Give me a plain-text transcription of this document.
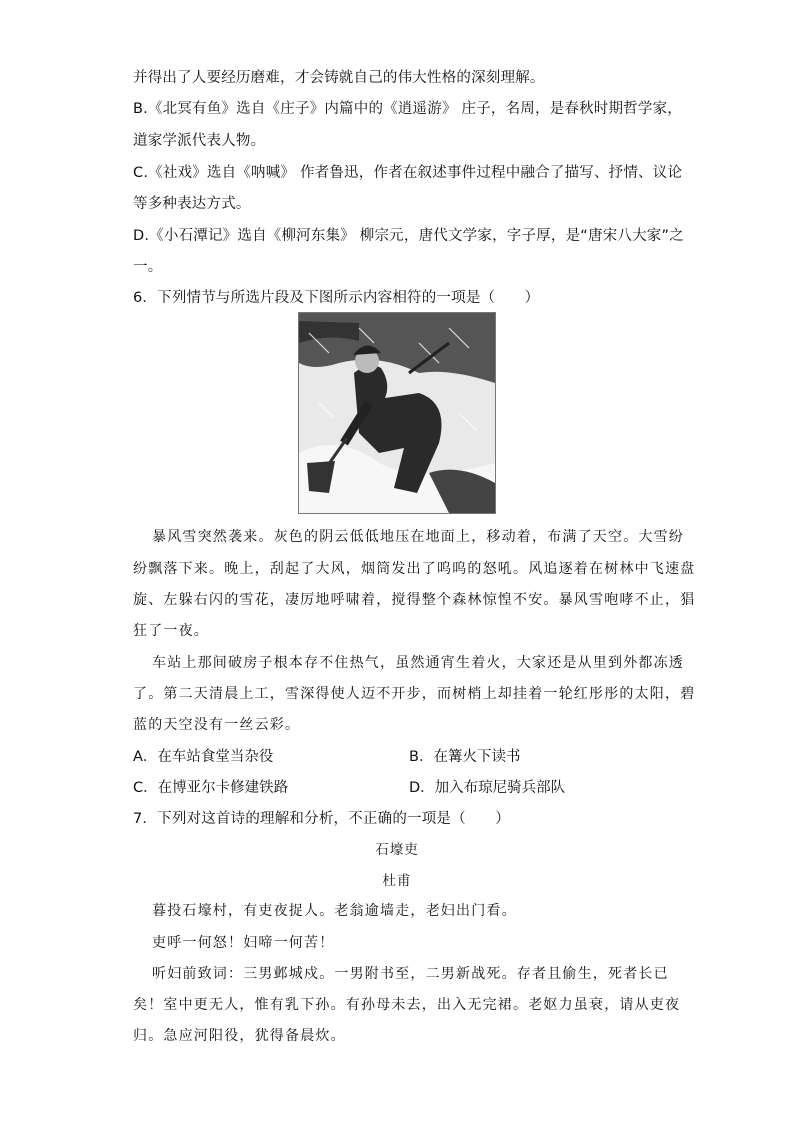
并得出了人要经历磨难，才会铸就自己的伟大性格的深刻理解。
B.《北冥有鱼》选自《庄子》内篇中的《逍遥游》 庄子，名周，是春秋时期哲学家，
道家学派代表人物。
C.《社戏》选自《呐喊》 作者鲁迅，作者在叙述事件过程中融合了描写、抒情、议论
等多种表达方式。
D.《小石潭记》选自《柳河东集》 柳宗元，唐代文学家，字子厚，是“唐宋八大家”之
一。
6．下列情节与所选片段及下图所示内容相符的一项是（　　）
暴风雪突然袭来。灰色的阴云低低地压在地面上，移动着，布满了天空。大雪纷
纷飘落下来。晚上，刮起了大风，烟筒发出了呜呜的怒吼。风追逐着在树林中飞速盘
旋、左躲右闪的雪花，凄厉地呼啸着，搅得整个森林惊惶不安。暴风雪咆哮不止，猖
狂了一夜。
车站上那间破房子根本存不住热气，虽然通宵生着火，大家还是从里到外都冻透
了。第二天清晨上工，雪深得使人迈不开步，而树梢上却挂着一轮红彤彤的太阳，碧
蓝的天空没有一丝云彩。
A．在车站食堂当杂役	B．在篝火下读书
C．在博亚尔卡修建铁路	D．加入布琼尼骑兵部队
7．下列对这首诗的理解和分析，不正确的一项是（　　）
石壕吏
杜甫
暮投石壕村，有吏夜捉人。老翁逾墙走，老妇出门看。
吏呼一何怒！妇啼一何苦！
听妇前致词：三男邺城戍。一男附书至，二男新战死。存者且偷生，死者长已
矣！室中更无人，惟有乳下孙。有孙母未去，出入无完裙。老妪力虽衰，请从吏夜
归。急应河阳役，犹得备晨炊。
